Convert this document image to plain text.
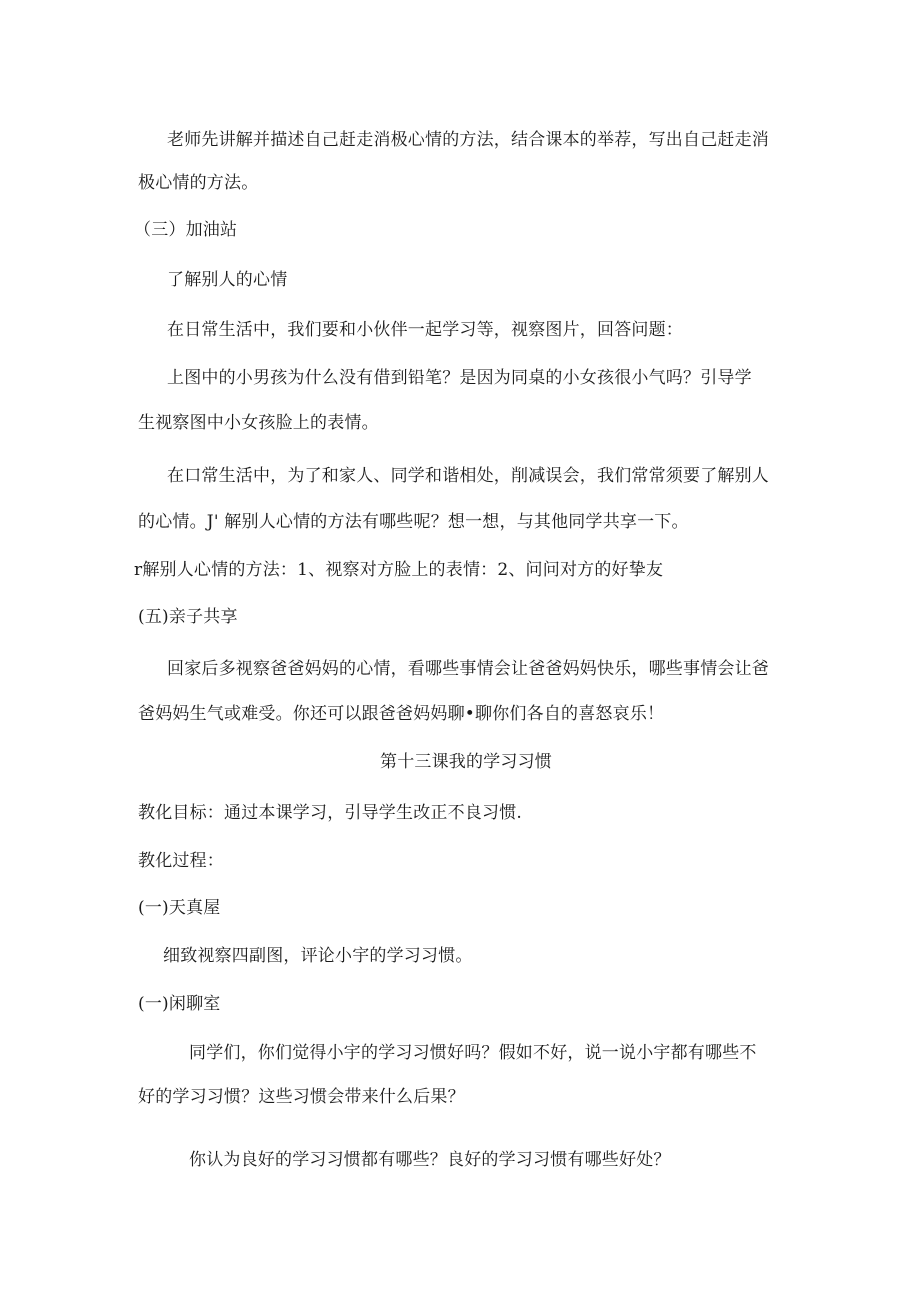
老师先讲解并描述自己赶走消极心情的方法，结合课本的举荐，写出自己赶走消
极心情的方法。
（三）加油站
了解别人的心情
在日常生活中，我们要和小伙伴一起学习等，视察图片，回答问题：
上图中的小男孩为什么没有借到铅笔？是因为同桌的小女孩很小气吗？引导学
生视察图中小女孩脸上的表情。
在口常生活中，为了和家人、同学和谐相处，削减误会，我们常常须要了解别人
的心情。J' 解别人心情的方法有哪些呢？想一想，与其他同学共享一下。
r解别人心情的方法：1、视察对方脸上的表情：2、问问对方的好挚友
(五)亲子共享
回家后多视察爸爸妈妈的心情，看哪些事情会让爸爸妈妈快乐，哪些事情会让爸
爸妈妈生气或难受。你还可以跟爸爸妈妈聊•聊你们各自的喜怒哀乐！
第十三课我的学习习惯
教化目标：通过本课学习，引导学生改正不良习惯.
教化过程：
(一)天真屋
细致视察四副图，评论小宇的学习习惯。
(一)闲聊室
同学们，你们觉得小宇的学习习惯好吗？假如不好，说一说小宇都有哪些不
好的学习习惯？这些习惯会带来什么后果？
你认为良好的学习习惯都有哪些？良好的学习习惯有哪些好处？
